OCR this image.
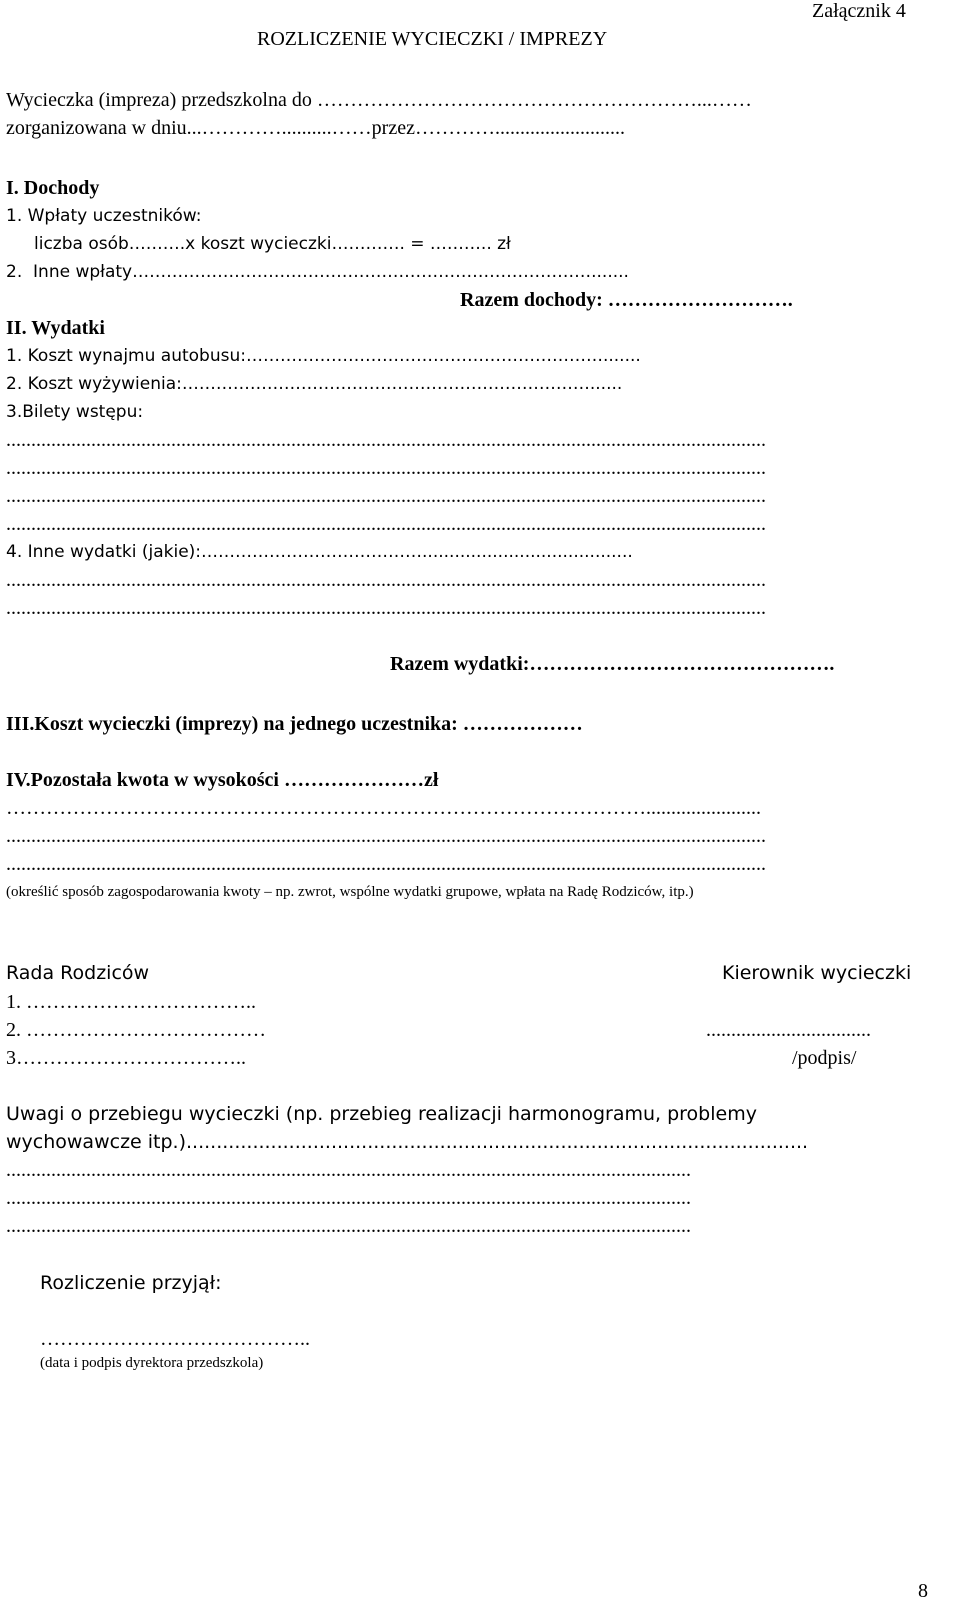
Załącznik 4
ROZLICZENIE WYCIECZKI / IMPREZY
Wycieczka (impreza) przedszkolna do …………………………………………………...……
zorganizowana w dniu...…………..........……przez…………..........................
I. Dochody
1. Wpłaty uczestników:
liczba osób……….x koszt wycieczki…………. = ……….. zł
2.  Inne wpłaty……………………………………………………………………….......
Razem dochody: ……………………….
II. Wydatki
1. Koszt wynajmu autobusu:……………………………………………………….......
2. Koszt wyżywienia:………………………………………………………………......
3.Bilety wstępu:
........................................................................................................................................................
........................................................................................................................................................
........................................................................................................................................................
........................................................................................................................................................
4. Inne wydatki (jakie):………………………………….......................................
........................................................................................................................................................
........................................................................................................................................................
Razem wydatki:……………………………………….
III.Koszt wycieczki (imprezy) na jednego uczestnika: ………………
IV.Pozostała kwota w wysokości …………………zł
…………………………………………………………………………………….......................
........................................................................................................................................................
........................................................................................................................................................
(określić sposób zagospodarowania kwoty – np. zwrot, wspólne wydatki grupowe, wpłata na Radę Rodziców, itp.)
Rada Rodziców	Kierownik wycieczki
1. ……………………………..
2. ………………………………
3……………………………..
.................................
/podpis/
Uwagi o przebiegu wycieczki (np. przebieg realizacji harmonogramu, problemy
wychowawcze itp.).......................................................................................................
.........................................................................................................................................
.........................................................................................................................................
.........................................................................................................................................
Rozliczenie przyjął:
…………………………………..
(data i podpis dyrektora przedszkola)
8
